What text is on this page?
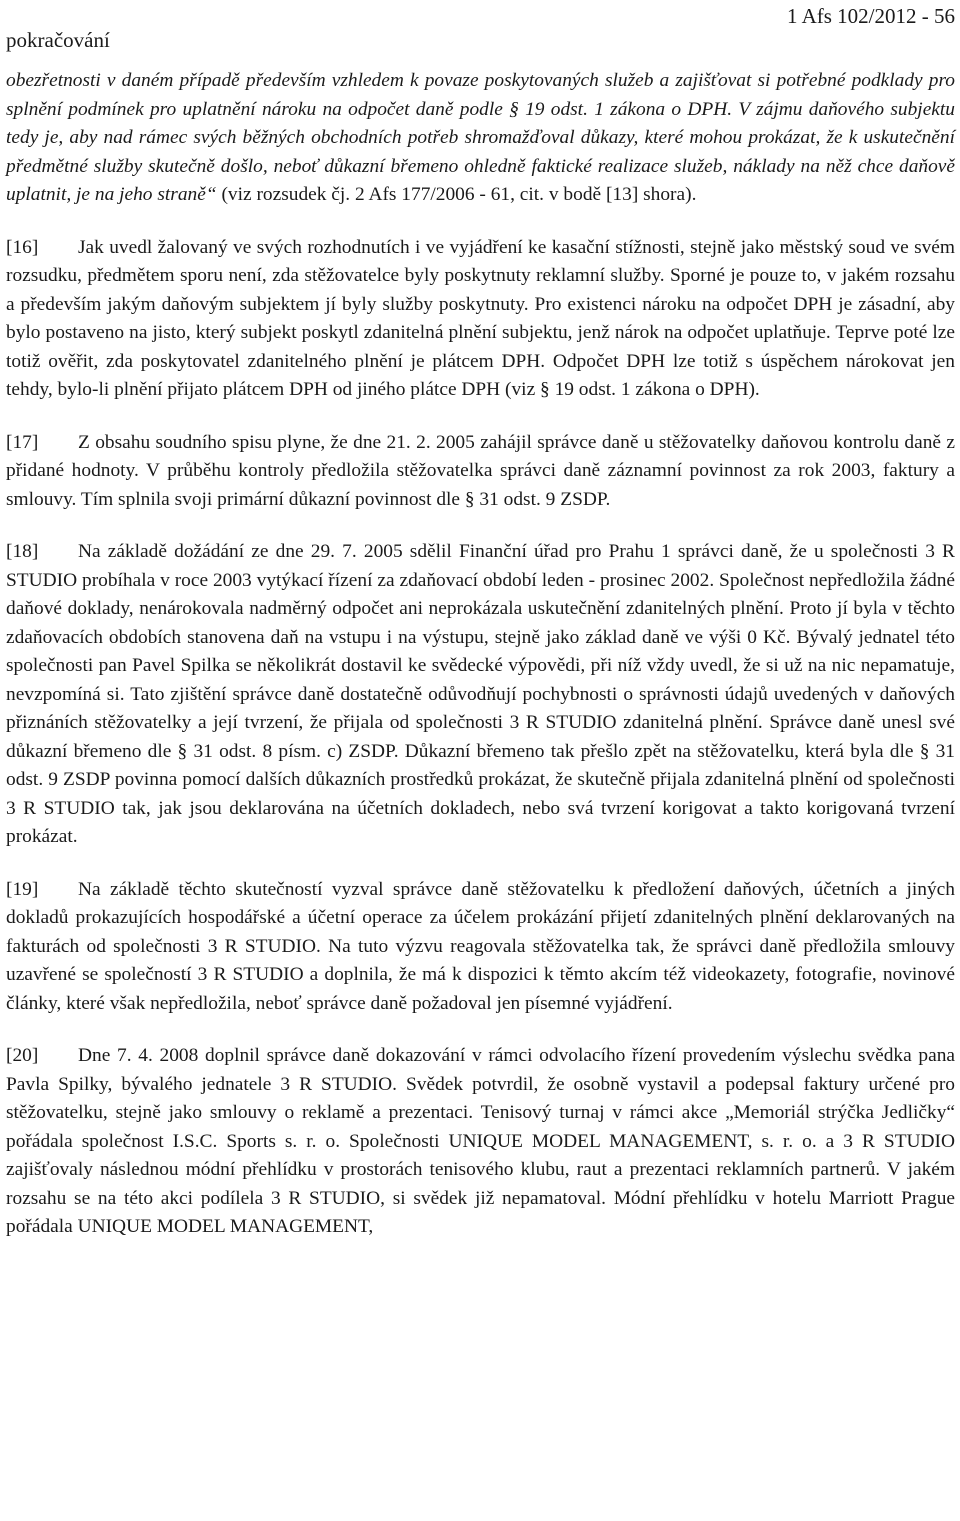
pokračování
1 Afs 102/2012 - 56

obezřetnosti v daném případě především vzhledem k povaze poskytovaných služeb a zajišťovat si potřebné podklady pro splnění podmínek pro uplatnění nároku na odpočet daně podle § 19 odst. 1 zákona o DPH. V zájmu daňového subjektu tedy je, aby nad rámec svých běžných obchodních potřeb shromažďoval důkazy, které mohou prokázat, že k uskutečnění předmětné služby skutečně došlo, neboť důkazní břemeno ohledně faktické realizace služeb, náklady na něž chce daňově uplatnit, je na jeho straně“ (viz rozsudek čj. 2 Afs 177/2006 - 61, cit. v bodě [13] shora).

[16] Jak uvedl žalovaný ve svých rozhodnutích i ve vyjádření ke kasační stížnosti, stejně jako městský soud ve svém rozsudku, předmětem sporu není, zda stěžovatelce byly poskytnuty reklamní služby. Sporné je pouze to, v jakém rozsahu a především jakým daňovým subjektem jí byly služby poskytnuty. Pro existenci nároku na odpočet DPH je zásadní, aby bylo postaveno na jisto, který subjekt poskytl zdanitelná plnění subjektu, jenž nárok na odpočet uplatňuje. Teprve poté lze totiž ověřit, zda poskytovatel zdanitelného plnění je plátcem DPH. Odpočet DPH lze totiž s úspěchem nárokovat jen tehdy, bylo-li plnění přijato plátcem DPH od jiného plátce DPH (viz § 19 odst. 1 zákona o DPH).

[17] Z obsahu soudního spisu plyne, že dne 21. 2. 2005 zahájil správce daně u stěžovatelky daňovou kontrolu daně z přidané hodnoty. V průběhu kontroly předložila stěžovatelka správci daně záznamní povinnost za rok 2003, faktury a smlouvy. Tím splnila svoji primární důkazní povinnost dle § 31 odst. 9 ZSDP.

[18] Na základě dožádání ze dne 29. 7. 2005 sdělil Finanční úřad pro Prahu 1 správci daně, že u společnosti 3 R STUDIO probíhala v roce 2003 vytýkací řízení za zdaňovací období leden - prosinec 2002. Společnost nepředložila žádné daňové doklady, nenárokovala nadměrný odpočet ani neprokázala uskutečnění zdanitelných plnění. Proto jí byla v těchto zdaňovacích obdobích stanovena daň na vstupu i na výstupu, stejně jako základ daně ve výši 0 Kč. Bývalý jednatel této společnosti pan Pavel Spilka se několikrát dostavil ke svědecké výpovědi, při níž vždy uvedl, že si už na nic nepamatuje, nevzpomíná si. Tato zjištění správce daně dostatečně odůvodňují pochybnosti o správnosti údajů uvedených v daňových přiznáních stěžovatelky a její tvrzení, že přijala od společnosti 3 R STUDIO zdanitelná plnění. Správce daně unesl své důkazní břemeno dle § 31 odst. 8 písm. c) ZSDP. Důkazní břemeno tak přešlo zpět na stěžovatelku, která byla dle § 31 odst. 9 ZSDP povinna pomocí dalších důkazních prostředků prokázat, že skutečně přijala zdanitelná plnění od společnosti 3 R STUDIO tak, jak jsou deklarována na účetních dokladech, nebo svá tvrzení korigovat a takto korigovaná tvrzení prokázat.

[19] Na základě těchto skutečností vyzval správce daně stěžovatelku k předložení daňových, účetních a jiných dokladů prokazujících hospodářské a účetní operace za účelem prokázání přijetí zdanitelných plnění deklarovaných na fakturách od společnosti 3 R STUDIO. Na tuto výzvu reagovala stěžovatelka tak, že správci daně předložila smlouvy uzavřené se společností 3 R STUDIO a doplnila, že má k dispozici k těmto akcím též videokazety, fotografie, novinové články, které však nepředložila, neboť správce daně požadoval jen písemné vyjádření.

[20] Dne 7. 4. 2008 doplnil správce daně dokazování v rámci odvolacího řízení provedením výslechu svědka pana Pavla Spilky, bývalého jednatele 3 R STUDIO. Svědek potvrdil, že osobně vystavil a podepsal faktury určené pro stěžovatelku, stejně jako smlouvy o reklamě a prezentaci. Tenisový turnaj v rámci akce „Memoriál strýčka Jedličky“ pořádala společnost I.S.C. Sports s. r. o. Společnosti UNIQUE MODEL MANAGEMENT, s. r. o. a 3 R STUDIO zajišťovaly následnou módní přehlídku v prostorách tenisového klubu, raut a prezentaci reklamních partnerů. V jakém rozsahu se na této akci podílela 3 R STUDIO, si svědek již nepamatoval. Módní přehlídku v hotelu Marriott Prague pořádala UNIQUE MODEL MANAGEMENT,
